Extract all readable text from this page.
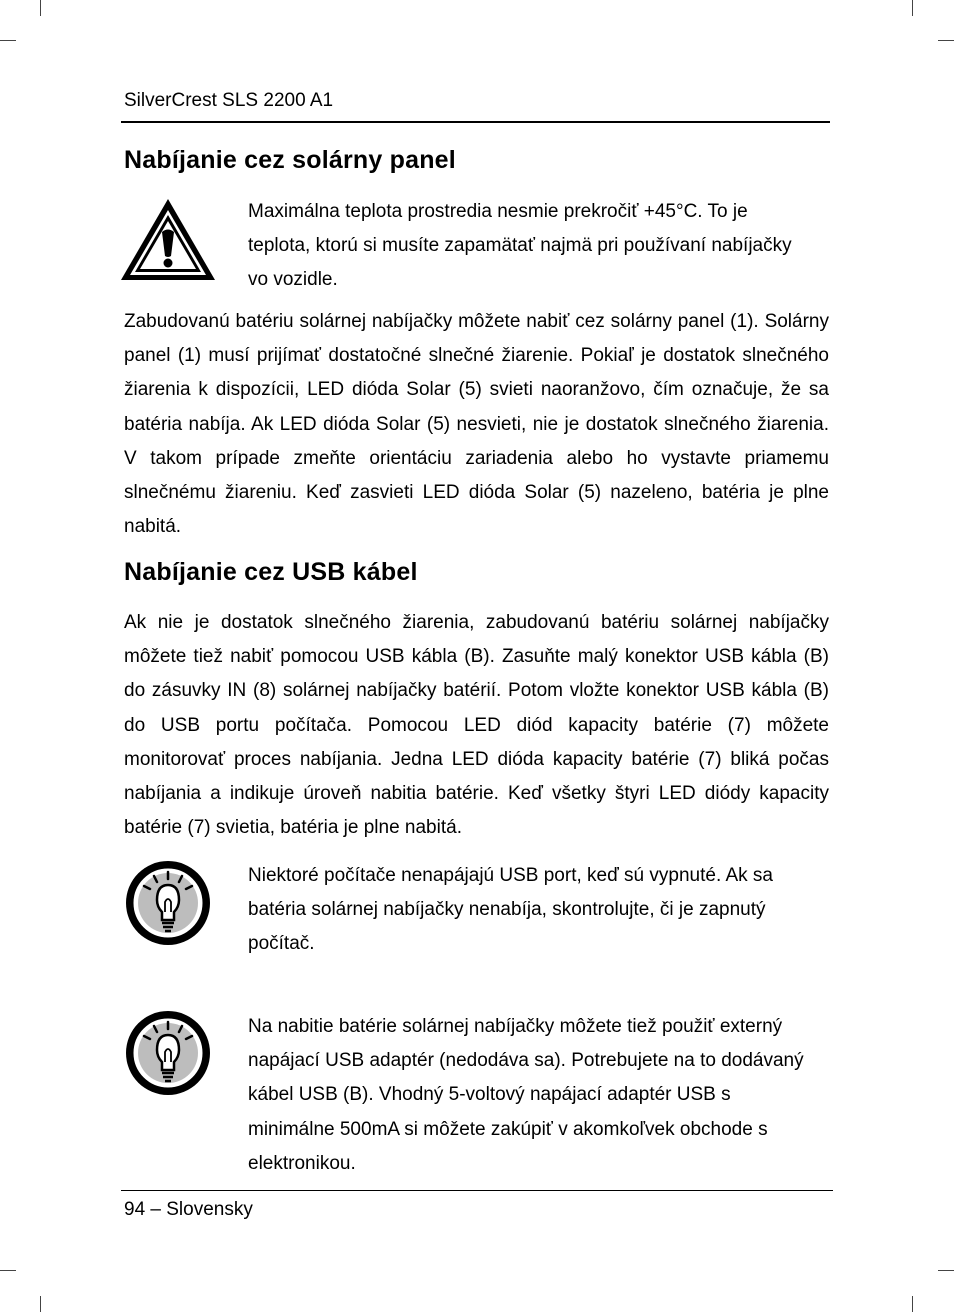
SilverCrest SLS 2200 A1
Nabíjanie cez solárny panel

Maximálna teplota prostredia nesmie prekročiť +45°C. To je teplota, ktorú si musíte zapamätať najmä pri používaní nabíjačky vo vozidle.

Zabudovanú batériu solárnej nabíjačky môžete nabiť cez solárny panel (1). Solárny panel (1) musí prijímať dostatočné slnečné žiarenie. Pokiaľ je dostatok slnečného žiarenia k dispozícii, LED dióda Solar (5) svieti naoranžovo, čím označuje, že sa batéria nabíja. Ak LED dióda Solar (5) nesvieti, nie je dostatok slnečného žiarenia. V takom prípade zmeňte orientáciu zariadenia alebo ho vystavte priamemu slnečnému žiareniu. Keď zasvieti LED dióda Solar (5) nazeleno, batéria je plne nabitá.

Nabíjanie cez USB kábel

Ak nie je dostatok slnečného žiarenia, zabudovanú batériu solárnej nabíjačky môžete tiež nabiť pomocou USB kábla (B). Zasuňte malý konektor USB kábla (B) do zásuvky IN (8) solárnej nabíjačky batérií. Potom vložte konektor USB kábla (B) do USB portu počítača. Pomocou LED diód kapacity batérie (7) môžete monitorovať proces nabíjania. Jedna LED dióda kapacity batérie (7) bliká počas nabíjania a indikuje úroveň nabitia batérie. Keď všetky štyri LED diódy kapacity batérie (7) svietia, batéria je plne nabitá.

Niektoré počítače nenapájajú USB port, keď sú vypnuté. Ak sa batéria solárnej nabíjačky nenabíja, skontrolujte, či je zapnutý počítač.

Na nabitie batérie solárnej nabíjačky môžete tiež použiť externý napájací USB adaptér (nedodáva sa). Potrebujete na to dodávaný kábel USB (B). Vhodný 5-voltový napájací adaptér USB s minimálne 500mA si môžete zakúpiť v akomkoľvek obchode s elektronikou.

94 – Slovensky
